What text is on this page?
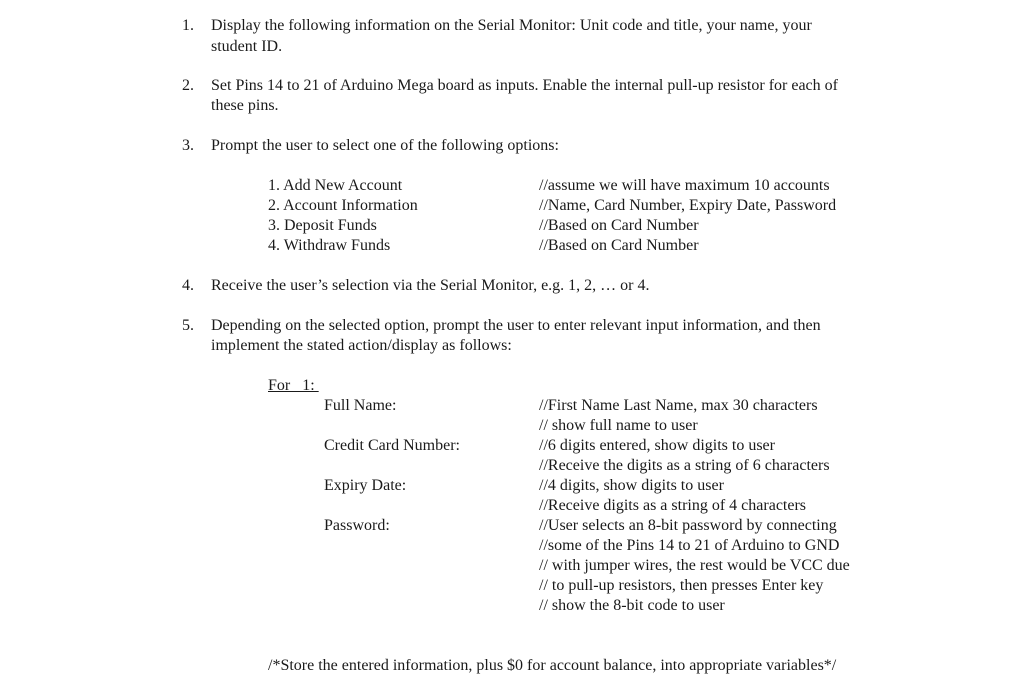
1. Display the following information on the Serial Monitor: Unit code and title, your name, your
student ID.
2. Set Pins 14 to 21 of Arduino Mega board as inputs. Enable the internal pull-up resistor for each of
these pins.
3. Prompt the user to select one of the following options:
1. Add New Account	//assume we will have maximum 10 accounts
2. Account Information	//Name, Card Number, Expiry Date, Password
3. Deposit Funds	//Based on Card Number
4. Withdraw Funds	//Based on Card Number
4. Receive the user’s selection via the Serial Monitor, e.g. 1, 2, … or 4.
5. Depending on the selected option, prompt the user to enter relevant input information, and then
implement the stated action/display as follows:
For   1:
Full Name:	//First Name Last Name, max 30 characters
// show full name to user
Credit Card Number:	//6 digits entered, show digits to user
//Receive the digits as a string of 6 characters
Expiry Date:	//4 digits, show digits to user
//Receive digits as a string of 4 characters
Password:	//User selects an 8-bit password by connecting
//some of the Pins 14 to 21 of Arduino to GND
// with jumper wires, the rest would be VCC due
// to pull-up resistors, then presses Enter key
// show the 8-bit code to user
/*Store the entered information, plus $0 for account balance, into appropriate variables*/
